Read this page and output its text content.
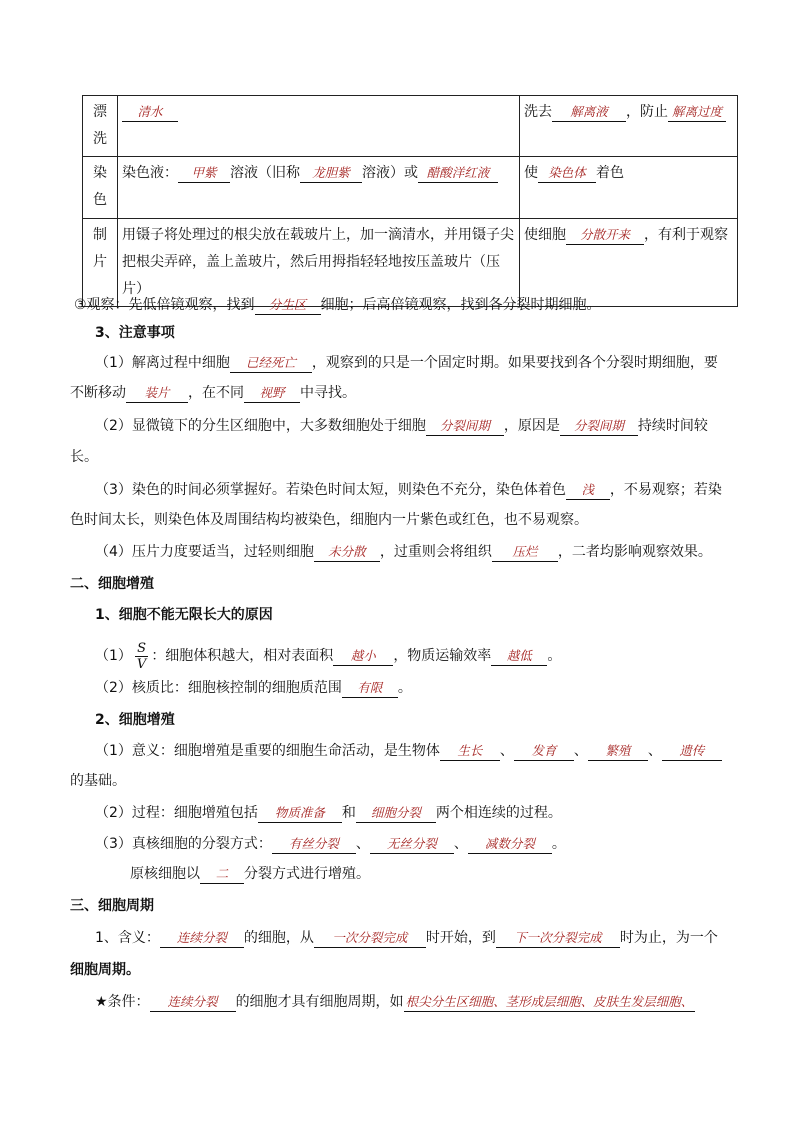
漂洗	清水	洗去 解离液 ，防止 解离过度
染色	染色液： 甲紫 溶液（旧称 龙胆紫 溶液）或 醋酸洋红液	使 染色体 着色
制片	用镊子将处理过的根尖放在载玻片上，加一滴清水，并用镊子尖把根尖弄碎，盖上盖玻片，然后用拇指轻轻地按压盖玻片（压片）	使细胞 分散开来 ，有利于观察
③观察：先低倍镜观察，找到 分生区 细胞；后高倍镜观察，找到各分裂时期细胞。
3、注意事项
（1）解离过程中细胞 已经死亡 ，观察到的只是一个固定时期。如果要找到各个分裂时期细胞，要
不断移动 装片 ，在不同 视野 中寻找。
（2）显微镜下的分生区细胞中，大多数细胞处于细胞 分裂间期 ，原因是 分裂间期 持续时间较
长。
（3）染色的时间必须掌握好。若染色时间太短，则染色不充分，染色体着色 浅 ，不易观察；若染
色时间太长，则染色体及周围结构均被染色，细胞内一片紫色或红色，也不易观察。
（4）压片力度要适当，过轻则细胞 未分散 ，过重则会将组织 压烂 ，二者均影响观察效果。
二、细胞增殖
1、细胞不能无限长大的原因
$(1) \frac{S}{V}$ ：细胞体积越大，相对表面积 越小 ，物质运输效率 越低 。
（2）核质比：细胞核控制的细胞质范围 有限 。
2、细胞增殖
（1）意义：细胞增殖是重要的细胞生命活动，是生物体 生长 、 发育 、 繁殖 、 遗传
的基础。
（2）过程：细胞增殖包括 物质准备 和 细胞分裂 两个相连续的过程。
（3）真核细胞的分裂方式： 有丝分裂 、 无丝分裂 、 减数分裂 。
原核细胞以 二 分裂方式进行增殖。
三、细胞周期
1、含义： 连续分裂 的细胞，从 一次分裂完成 时开始，到 下一次分裂完成 时为止，为一个
细胞周期。
★条件： 连续分裂 的细胞才具有细胞周期，如 根尖分生区细胞、茎形成层细胞、皮肤生发层细胞、
